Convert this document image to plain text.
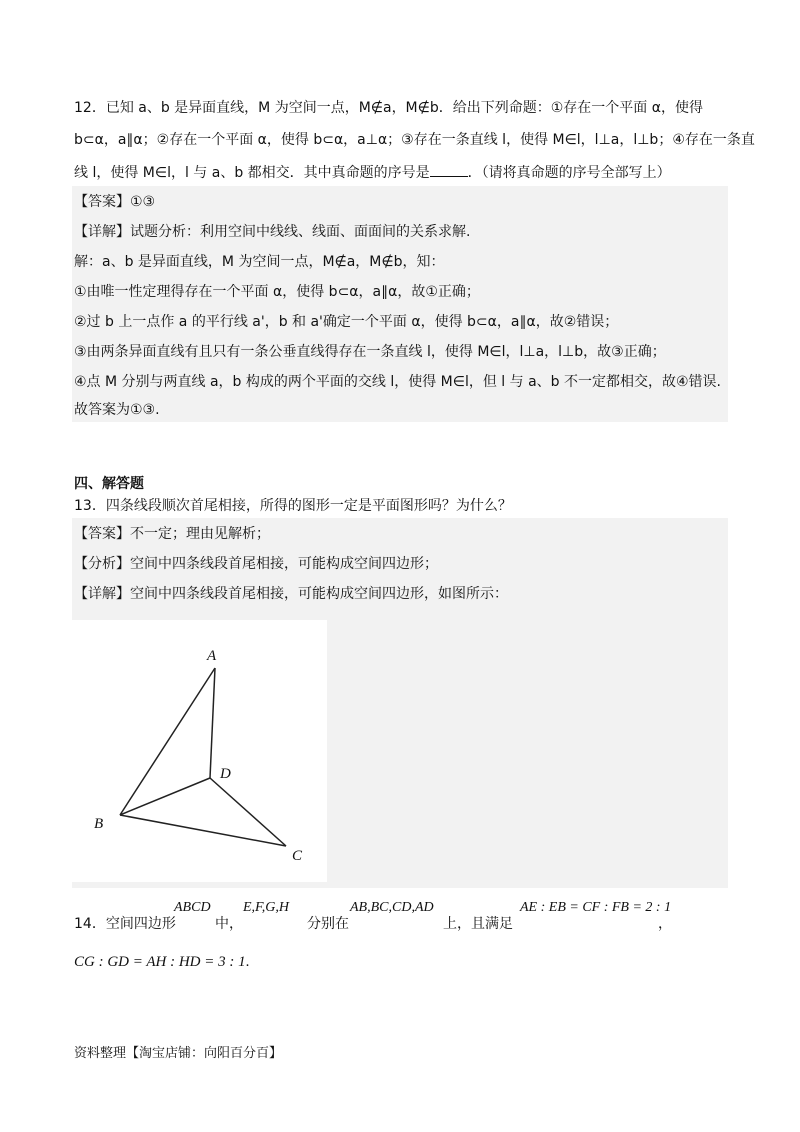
12．已知 a、b 是异面直线，M 为空间一点，M∉a，M∉b．给出下列命题：①存在一个平面 α，使得
b⊂α，a∥α；②存在一个平面 α，使得 b⊂α，a⊥α；③存在一条直线 l，使得 M∈l，l⊥a，l⊥b；④存在一条直
线 l，使得 M∈l，l 与 a、b 都相交．其中真命题的序号是	．（请将真命题的序号全部写上）
【答案】①③
【详解】试题分析：利用空间中线线、线面、面面间的关系求解.
解：a、b 是异面直线，M 为空间一点，M∉a，M∉b，知：
①由唯一性定理得存在一个平面 α，使得 b⊂α，a∥α，故①正确；
②过 b 上一点作 a 的平行线 a'，b 和 a'确定一个平面 α，使得 b⊂α，a∥α，故②错误；
③由两条异面直线有且只有一条公垂直线得存在一条直线 l，使得 M∈l，l⊥a，l⊥b，故③正确；
④点 M 分别与两直线 a，b 构成的两个平面的交线 l，使得 M∈l，但 l 与 a、b 不一定都相交，故④错误.
故答案为①③.
四、解答题
13．四条线段顺次首尾相接，所得的图形一定是平面图形吗？为什么？
【答案】不一定；理由见解析；
【分析】空间中四条线段首尾相接，可能构成空间四边形；
【详解】空间中四条线段首尾相接，可能构成空间四边形，如图所示：
A
B
C
D
14．空间四边形
ABCD
中，
E,F,G,H
分别在
AB,BC,CD,AD
上，且满足
AE : EB = CF : FB = 2 : 1
，
CG : GD = AH : HD = 3 : 1.
资料整理【淘宝店铺：向阳百分百】
